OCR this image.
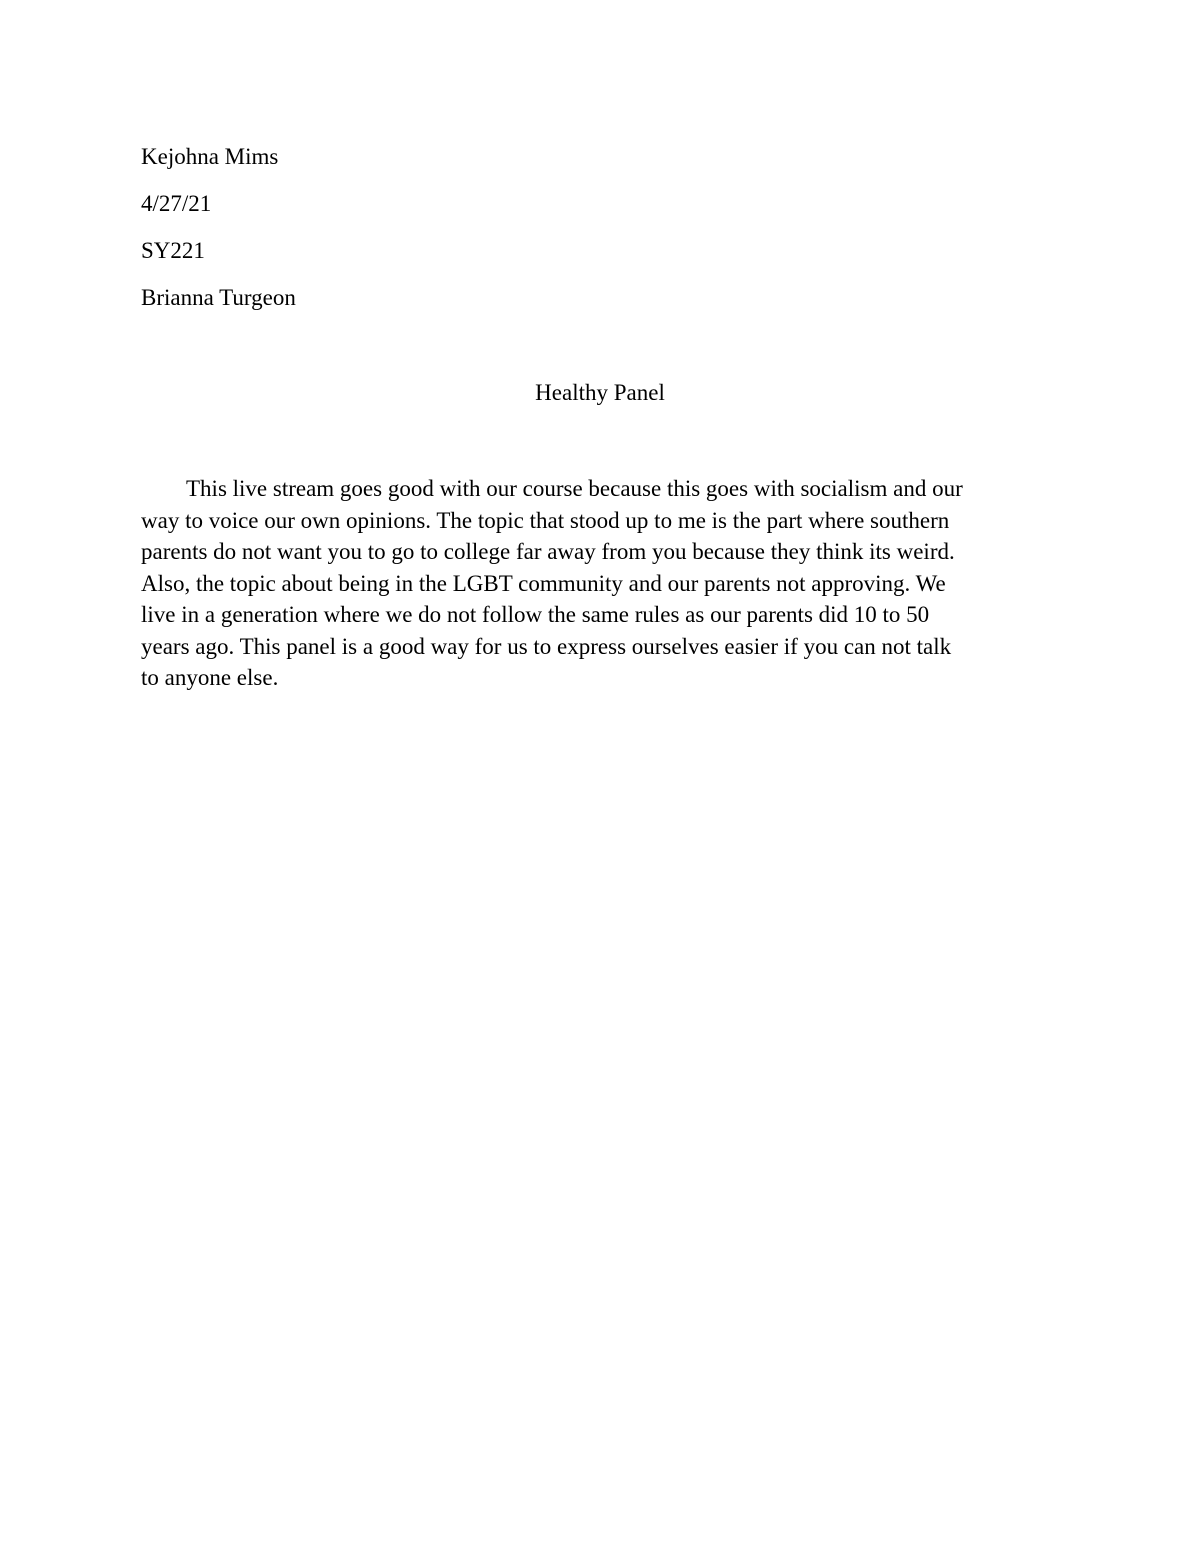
Kejohna Mims
4/27/21
SY221
Brianna Turgeon
Healthy Panel
This live stream goes good with our course because this goes with socialism and our
way to voice our own opinions. The topic that stood up to me is the part where southern
parents do not want you to go to college far away from you because they think its weird.
Also, the topic about being in the LGBT community and our parents not approving. We
live in a generation where we do not follow the same rules as our parents did 10 to 50
years ago. This panel is a good way for us to express ourselves easier if you can not talk
to anyone else.
